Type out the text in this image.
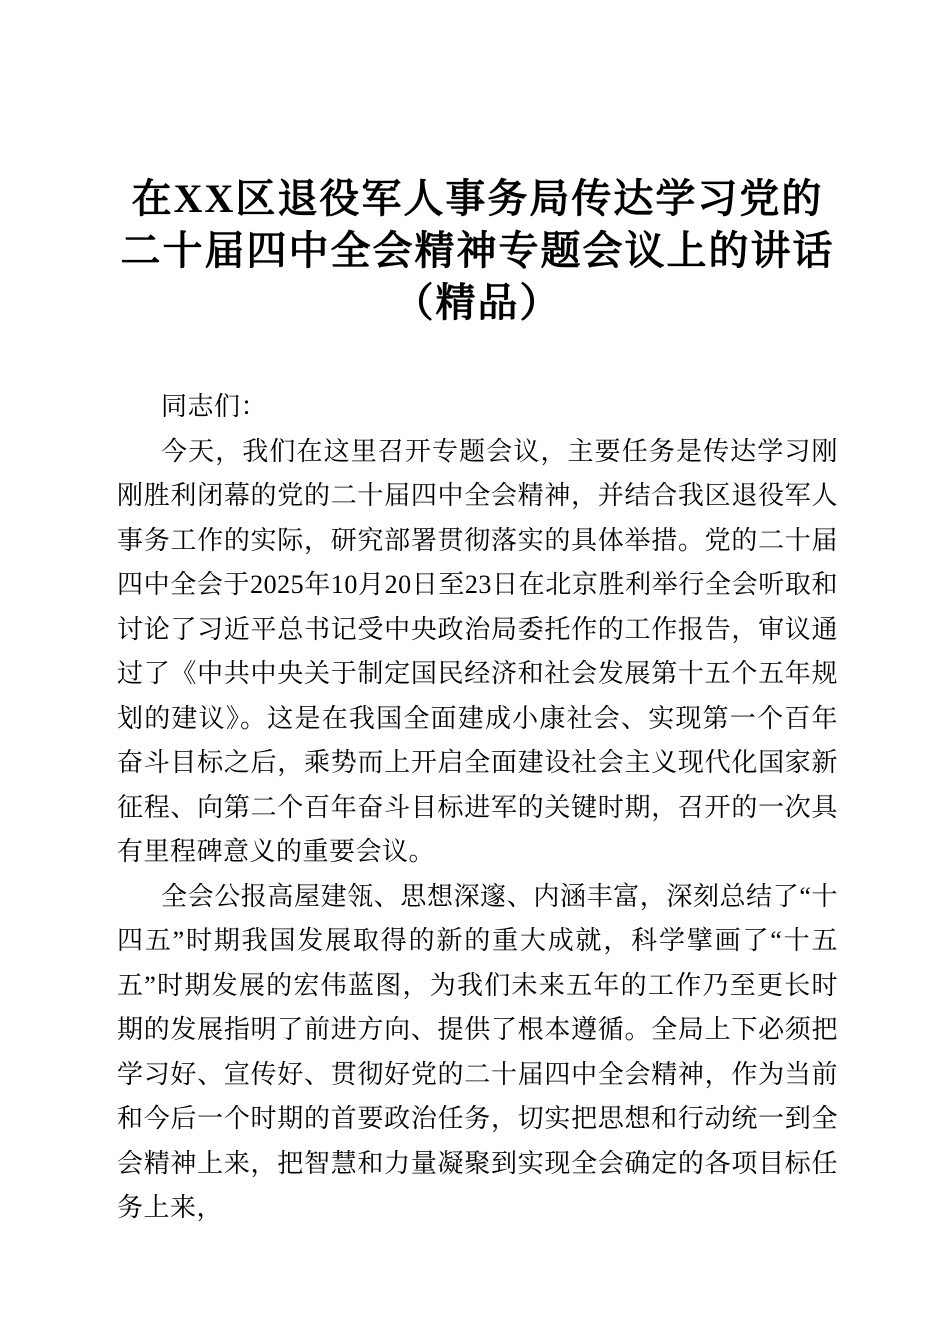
在XX区退役军人事务局传达学习党的
二十届四中全会精神专题会议上的讲话
（精品）

同志们：

今天，我们在这里召开专题会议，主要任务是传达学习刚刚胜利闭幕的党的二十届四中全会精神，并结合我区退役军人事务工作的实际，研究部署贯彻落实的具体举措。党的二十届四中全会于2025年10月20日至23日在北京胜利举行全会听取和讨论了习近平总书记受中央政治局委托作的工作报告，审议通过了《中共中央关于制定国民经济和社会发展第十五个五年规划的建议》。这是在我国全面建成小康社会、实现第一个百年奋斗目标之后，乘势而上开启全面建设社会主义现代化国家新征程、向第二个百年奋斗目标进军的关键时期，召开的一次具有里程碑意义的重要会议。

全会公报高屋建瓴、思想深邃、内涵丰富，深刻总结了“十四五”时期我国发展取得的新的重大成就，科学擘画了“十五五”时期发展的宏伟蓝图，为我们未来五年的工作乃至更长时期的发展指明了前进方向、提供了根本遵循。全局上下必须把学习好、宣传好、贯彻好党的二十届四中全会精神，作为当前和今后一个时期的首要政治任务，切实把思想和行动统一到全会精神上来，把智慧和力量凝聚到实现全会确定的各项目标任务上来，
